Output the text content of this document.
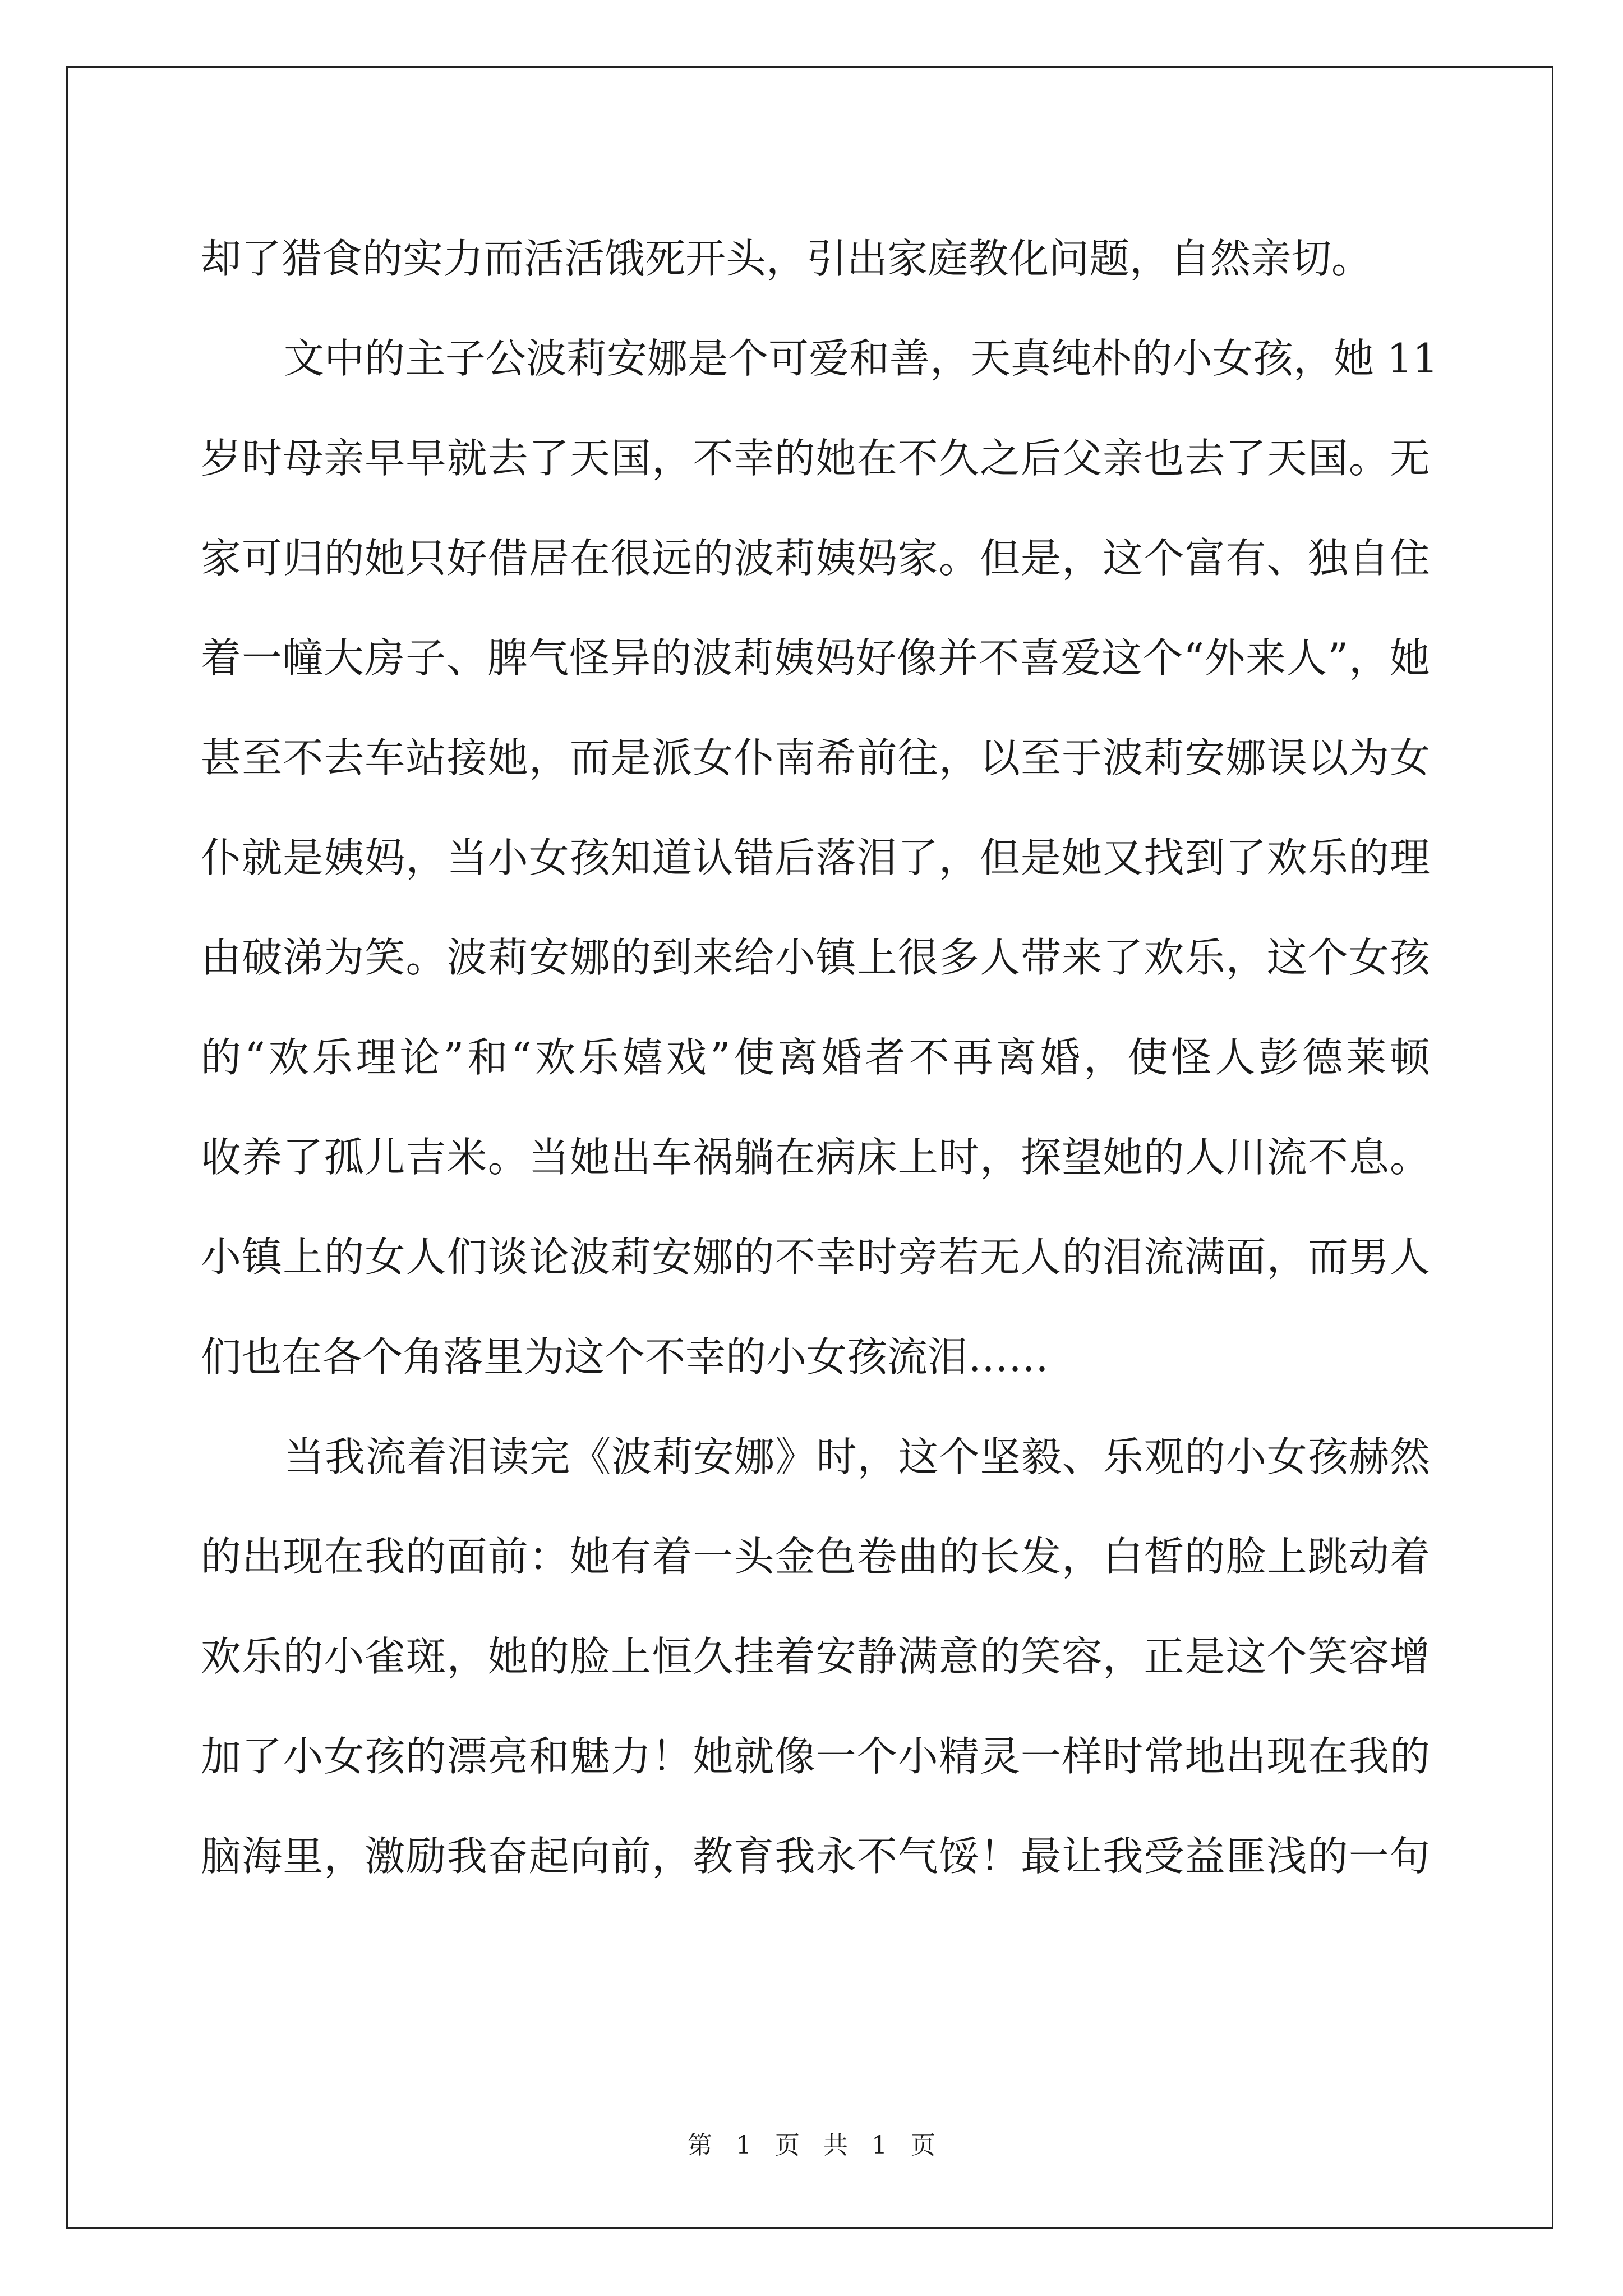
却了猎食的实力而活活饿死开头，引出家庭教化问题，自然亲切。
文中的主子公波莉安娜是个可爱和善，天真纯朴的小女孩，她 11
岁时母亲早早就去了天国，不幸的她在不久之后父亲也去了天国。无
家可归的她只好借居在很远的波莉姨妈家。但是，这个富有、独自住
着一幢大房子、脾气怪异的波莉姨妈好像并不喜爱这个“外来人”，她
甚至不去车站接她，而是派女仆南希前往，以至于波莉安娜误以为女
仆就是姨妈，当小女孩知道认错后落泪了，但是她又找到了欢乐的理
由破涕为笑。波莉安娜的到来给小镇上很多人带来了欢乐，这个女孩
的“欢乐理论”和“欢乐嬉戏”使离婚者不再离婚，使怪人彭德莱顿
收养了孤儿吉米。当她出车祸躺在病床上时，探望她的人川流不息。
小镇上的女人们谈论波莉安娜的不幸时旁若无人的泪流满面，而男人
们也在各个角落里为这个不幸的小女孩流泪……
当我流着泪读完《波莉安娜》时，这个坚毅、乐观的小女孩赫然
的出现在我的面前：她有着一头金色卷曲的长发，白皙的脸上跳动着
欢乐的小雀斑，她的脸上恒久挂着安静满意的笑容，正是这个笑容增
加了小女孩的漂亮和魅力！她就像一个小精灵一样时常地出现在我的
脑海里，激励我奋起向前，教育我永不气馁！最让我受益匪浅的一句
第 1 页 共 1 页
